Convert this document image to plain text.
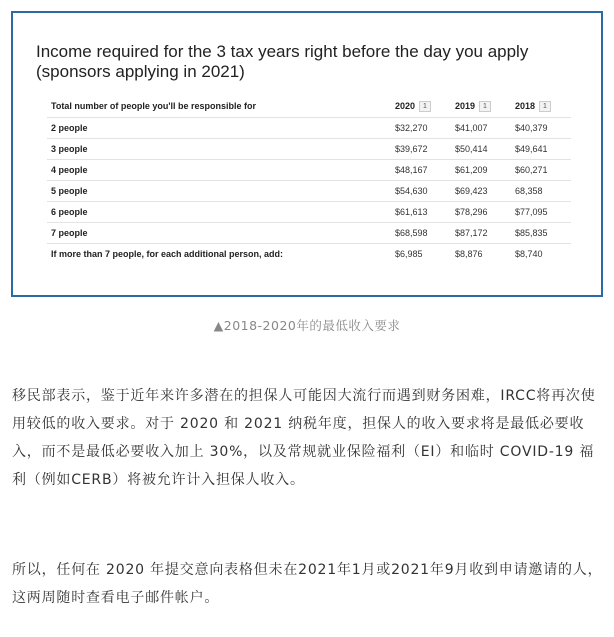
Income required for the 3 tax years right before the day you apply (sponsors applying in 2021)
Total number of people you'll be responsible for	2020 1	2019 1	2018 1
2 people	$32,270	$41,007	$40,379
3 people	$39,672	$50,414	$49,641
4 people	$48,167	$61,209	$60,271
5 people	$54,630	$69,423	68,358
6 people	$61,613	$78,296	$77,095
7 people	$68,598	$87,172	$85,835
If more than 7 people, for each additional person, add:	$6,985	$8,876	$8,740
▲2018-2020年的最低收入要求

移民部表示，鉴于近年来许多潜在的担保人可能因大流行而遇到财务困难，IRCC将再次使用较低的收入要求。对于 2020 和 2021 纳税年度，担保人的收入要求将是最低必要收入，而不是最低必要收入加上 30%，以及常规就业保险福利（EI）和临时 COVID-19 福利（例如CERB）将被允许计入担保人收入。

所以，任何在 2020 年提交意向表格但未在2021年1月或2021年9月收到申请邀请的人，这两周随时查看电子邮件帐户。
